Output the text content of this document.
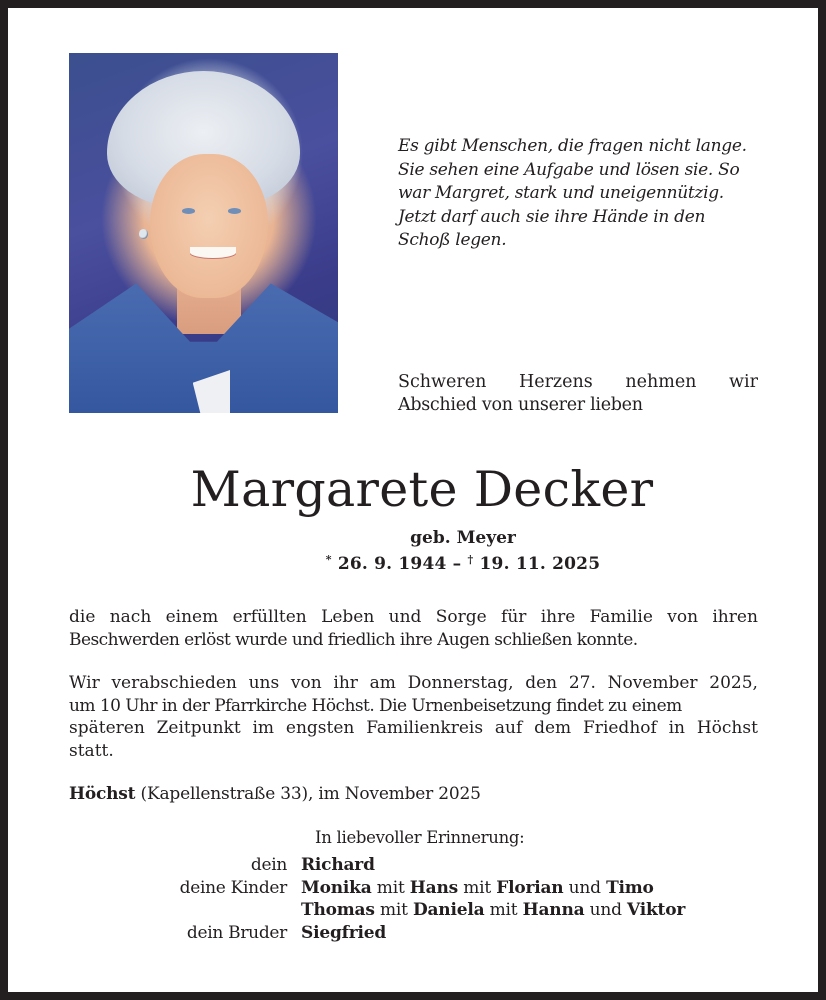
Es gibt Menschen, die fragen nicht lange.
Sie sehen eine Aufgabe und lösen sie. So
war Margret, stark und uneigennützig.
Jetzt darf auch sie ihre Hände in den
Schoß legen.
Schweren Herzens nehmen wir
Abschied von unserer lieben
Margarete Decker
geb. Meyer
* 26. 9. 1944 – † 19. 11. 2025
die nach einem erfüllten Leben und Sorge für ihre Familie von ihren
Beschwerden erlöst wurde und friedlich ihre Augen schließen konnte.
Wir verabschieden uns von ihr am Donnerstag, den 27. November 2025,
um 10 Uhr in der Pfarrkirche Höchst. Die Urnenbeisetzung findet zu einem
späteren Zeitpunkt im engsten Familienkreis auf dem Friedhof in Höchst
statt.
Höchst (Kapellenstraße 33), im November 2025
In liebevoller Erinnerung:
dein Richard
deine Kinder Monika mit Hans mit Florian und Timo
Thomas mit Daniela mit Hanna und Viktor
dein Bruder Siegfried
